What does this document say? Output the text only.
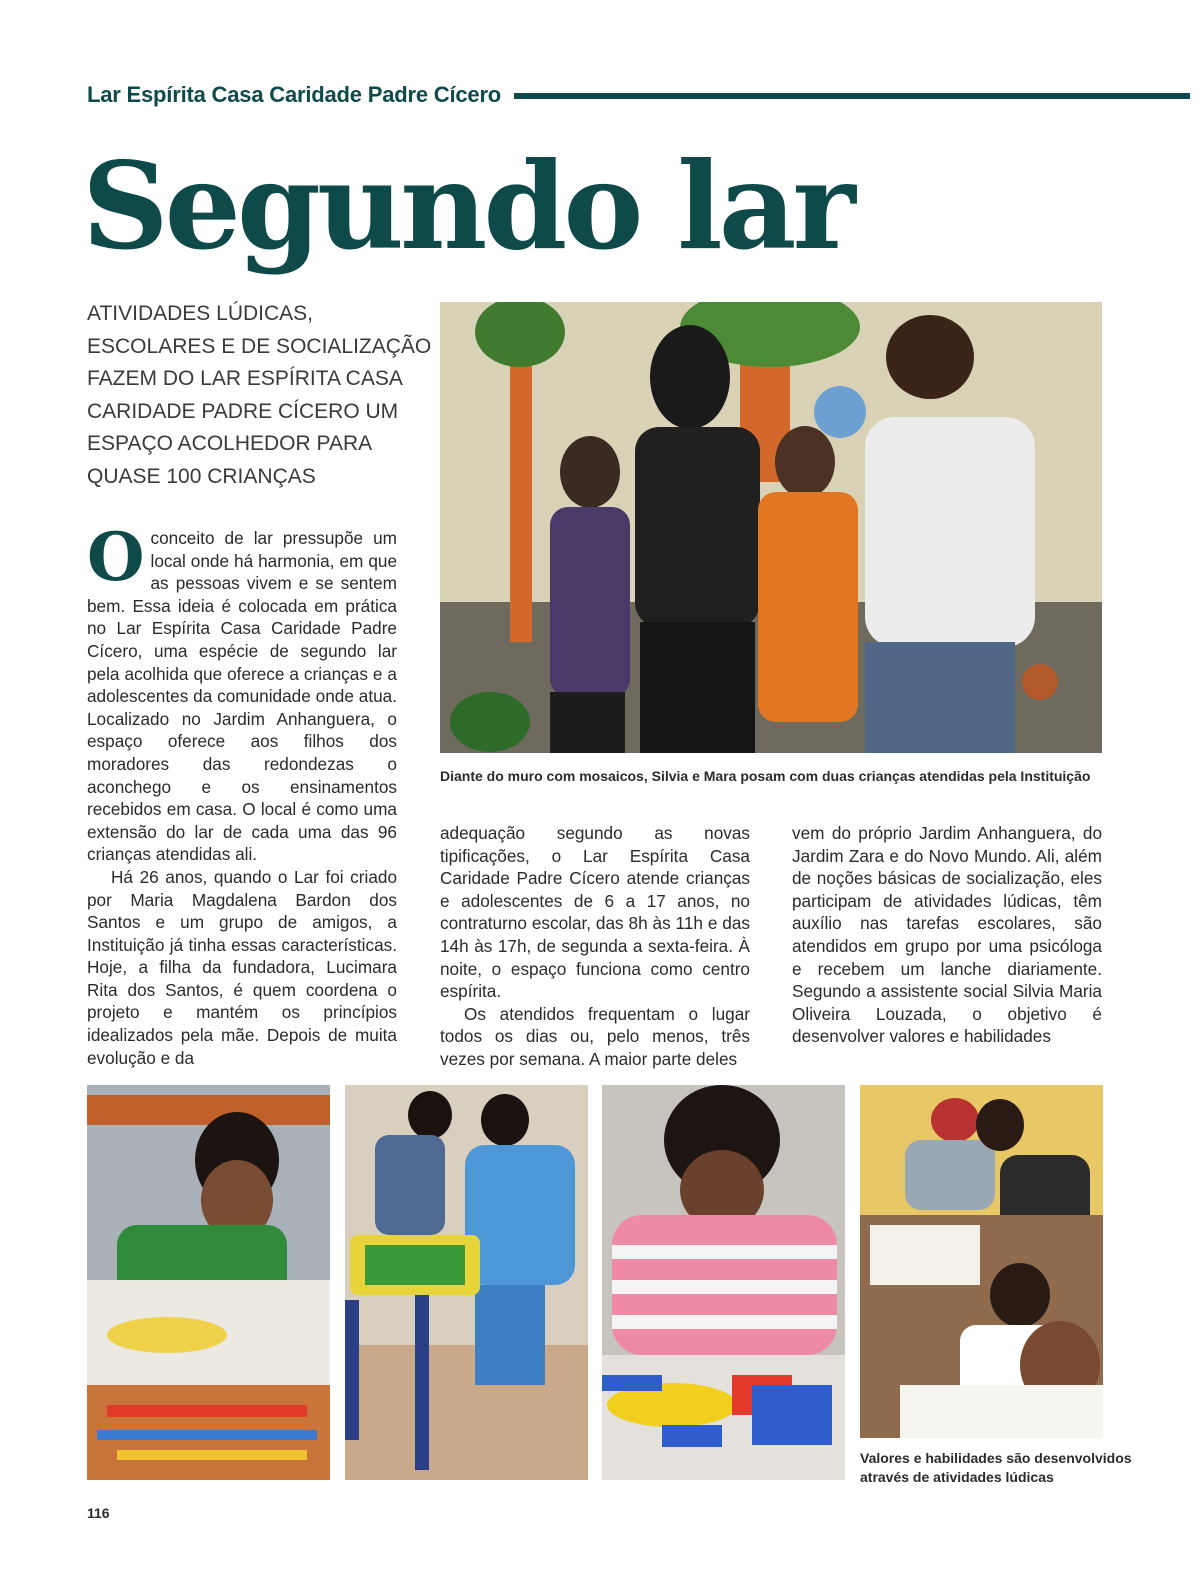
Lar Espírita Casa Caridade Padre Cícero
Segundo lar
ATIVIDADES LÚDICAS, ESCOLARES E DE SOCIALIZAÇÃO FAZEM DO LAR ESPÍRITA CASA CARIDADE PADRE CÍCERO UM ESPAÇO ACOLHEDOR PARA QUASE 100 CRIANÇAS
Diante do muro com mosaicos, Silvia e Mara posam com duas crianças atendidas pela Instituição

O conceito de lar pressupõe um local onde há harmonia, em que as pessoas vivem e se sentem bem. Essa ideia é colocada em prática no Lar Espírita Casa Caridade Padre Cícero, uma espécie de segundo lar pela acolhida que oferece a crianças e a adolescentes da comunidade onde atua. Localizado no Jardim Anhanguera, o espaço oferece aos filhos dos moradores das redondezas o aconchego e os ensinamentos recebidos em casa. O local é como uma extensão do lar de cada uma das 96 crianças atendidas ali.

Há 26 anos, quando o Lar foi criado por Maria Magdalena Bardon dos Santos e um grupo de amigos, a Instituição já tinha essas características. Hoje, a filha da fundadora, Lucimara Rita dos Santos, é quem coordena o projeto e mantém os princípios idealizados pela mãe. Depois de muita evolução e da

adequação segundo as novas tipificações, o Lar Espírita Casa Caridade Padre Cícero atende crianças e adolescentes de 6 a 17 anos, no contraturno escolar, das 8h às 11h e das 14h às 17h, de segunda a sexta-feira. À noite, o espaço funciona como centro espírita.

Os atendidos frequentam o lugar todos os dias ou, pelo menos, três vezes por semana. A maior parte deles

vem do próprio Jardim Anhanguera, do Jardim Zara e do Novo Mundo. Ali, além de noções básicas de socialização, eles participam de atividades lúdicas, têm auxílio nas tarefas escolares, são atendidos em grupo por uma psicóloga e recebem um lanche diariamente. Segundo a assistente social Silvia Maria Oliveira Louzada, o objetivo é desenvolver valores e habilidades

Valores e habilidades são desenvolvidos através de atividades lúdicas
116
